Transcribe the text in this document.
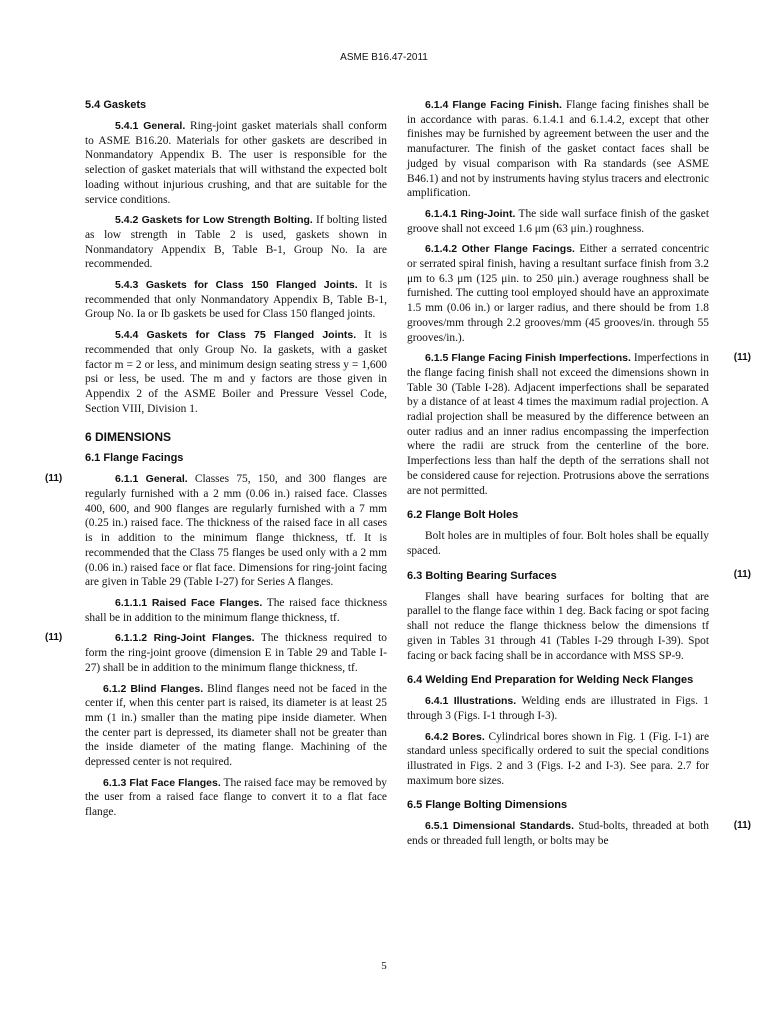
ASME B16.47-2011
5.4 Gaskets

5.4.1 General. Ring-joint gasket materials shall conform to ASME B16.20. Materials for other gaskets are described in Nonmandatory Appendix B. The user is responsible for the selection of gasket materials that will withstand the expected bolt loading without injurious crushing, and that are suitable for the service conditions.

5.4.2 Gaskets for Low Strength Bolting. If bolting listed as low strength in Table 2 is used, gaskets shown in Nonmandatory Appendix B, Table B-1, Group No. Ia are recommended.

5.4.3 Gaskets for Class 150 Flanged Joints. It is recommended that only Nonmandatory Appendix B, Table B-1, Group No. Ia or Ib gaskets be used for Class 150 flanged joints.

5.4.4 Gaskets for Class 75 Flanged Joints. It is recommended that only Group No. Ia gaskets, with a gasket factor m = 2 or less, and minimum design seating stress y = 1,600 psi or less, be used. The m and y factors are those given in Appendix 2 of the ASME Boiler and Pressure Vessel Code, Section VIII, Division 1.

6 DIMENSIONS
6.1 Flange Facings

(11)	6.1.1 General. Classes 75, 150, and 300 flanges are regularly furnished with a 2 mm (0.06 in.) raised face. Classes 400, 600, and 900 flanges are regularly furnished with a 7 mm (0.25 in.) raised face. The thickness of the raised face in all cases is in addition to the minimum flange thickness, tf. It is recommended that the Class 75 flanges be used only with a 2 mm (0.06 in.) raised face or flat face. Dimensions for ring-joint facing are given in Table 29 (Table I-27) for Series A flanges.

6.1.1.1 Raised Face Flanges. The raised face thickness shall be in addition to the minimum flange thickness, tf.

(11)	6.1.1.2 Ring-Joint Flanges. The thickness required to form the ring-joint groove (dimension E in Table 29 and Table I-27) shall be in addition to the minimum flange thickness, tf.

6.1.2 Blind Flanges. Blind flanges need not be faced in the center if, when this center part is raised, its diameter is at least 25 mm (1 in.) smaller than the mating pipe inside diameter. When the center part is depressed, its diameter shall not be greater than the inside diameter of the mating flange. Machining of the depressed center is not required.

6.1.3 Flat Face Flanges. The raised face may be removed by the user from a raised face flange to convert it to a flat face flange.

6.1.4 Flange Facing Finish. Flange facing finishes shall be in accordance with paras. 6.1.4.1 and 6.1.4.2, except that other finishes may be furnished by agreement between the user and the manufacturer. The finish of the gasket contact faces shall be judged by visual comparison with Ra standards (see ASME B46.1) and not by instruments having stylus tracers and electronic amplification.

6.1.4.1 Ring-Joint. The side wall surface finish of the gasket groove shall not exceed 1.6 μm (63 μin.) roughness.

6.1.4.2 Other Flange Facings. Either a serrated concentric or serrated spiral finish, having a resultant surface finish from 3.2 μm to 6.3 μm (125 μin. to 250 μin.) average roughness shall be furnished. The cutting tool employed should have an approximate 1.5 mm (0.06 in.) or larger radius, and there should be from 1.8 grooves/mm through 2.2 grooves/mm (45 grooves/in. through 55 grooves/in.).

(11)
6.1.5 Flange Facing Finish Imperfections. Imperfections in the flange facing finish shall not exceed the dimensions shown in Table 30 (Table I-28). Adjacent imperfections shall be separated by a distance of at least 4 times the maximum radial projection. A radial projection shall be measured by the difference between an outer radius and an inner radius encompassing the imperfection where the radii are struck from the centerline of the bore. Imperfections less than half the depth of the serrations shall not be considered cause for rejection. Protrusions above the serrations are not permitted.

6.2 Flange Bolt Holes

Bolt holes are in multiples of four. Bolt holes shall be equally spaced.

6.3 Bolting Bearing Surfaces	(11)

Flanges shall have bearing surfaces for bolting that are parallel to the flange face within 1 deg. Back facing or spot facing shall not reduce the flange thickness below the dimensions tf given in Tables 31 through 41 (Tables I-29 through I-39). Spot facing or back facing shall be in accordance with MSS SP-9.

6.4 Welding End Preparation for Welding Neck Flanges

6.4.1 Illustrations. Welding ends are illustrated in Figs. 1 through 3 (Figs. I-1 through I-3).

6.4.2 Bores. Cylindrical bores shown in Fig. 1 (Fig. I-1) are standard unless specifically ordered to suit the special conditions illustrated in Figs. 2 and 3 (Figs. I-2 and I-3). See para. 2.7 for maximum bore sizes.

6.5 Flange Bolting Dimensions

(11)
6.5.1 Dimensional Standards. Stud-bolts, threaded at both ends or threaded full length, or bolts may be

5
